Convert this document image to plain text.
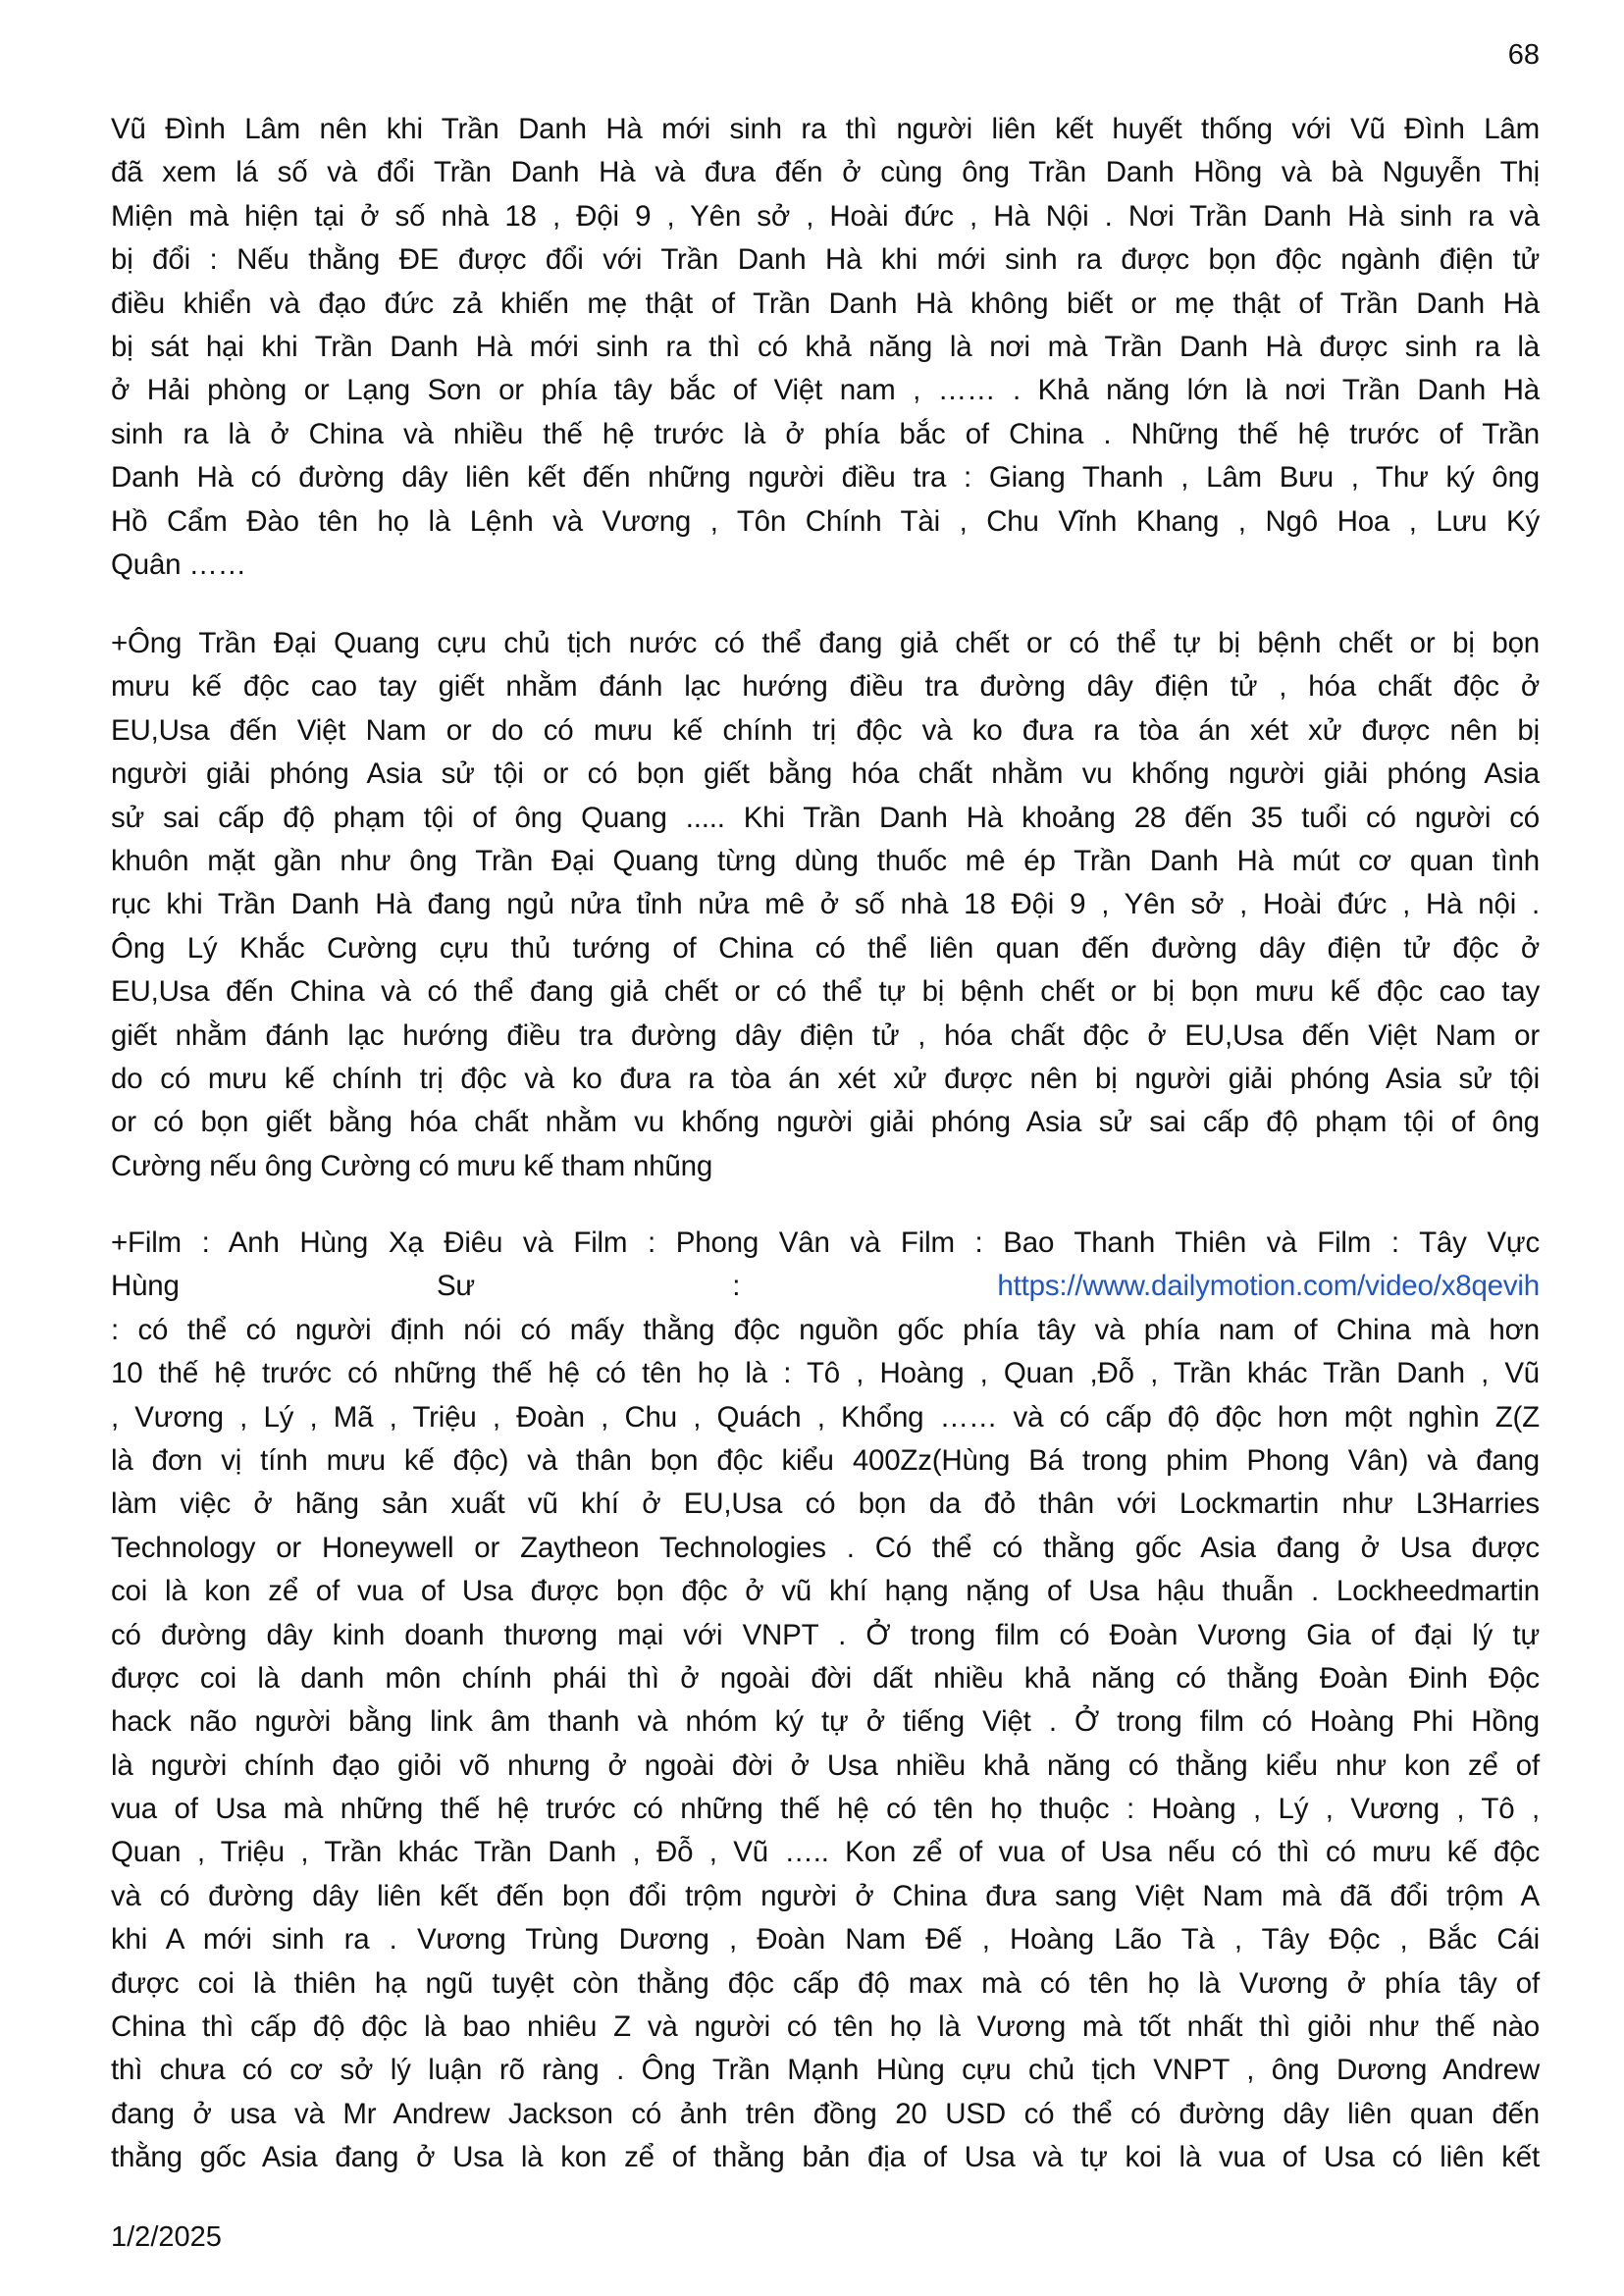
68
Vũ Đình Lâm nên khi Trần Danh Hà mới sinh ra thì người liên kết huyết thống với Vũ Đình Lâm
đã xem lá số và đổi Trần Danh Hà và đưa đến ở cùng ông Trần Danh Hồng và bà Nguyễn Thị
Miện mà hiện tại ở số nhà 18 , Đội 9 , Yên sở , Hoài đức , Hà Nội . Nơi Trần Danh Hà sinh ra và
bị đổi : Nếu thằng ĐE được đổi với Trần Danh Hà khi mới sinh ra được bọn độc ngành điện tử
điều khiển và đạo đức zả khiến mẹ thật of Trần Danh Hà không biết or mẹ thật of Trần Danh Hà
bị sát hại khi Trần Danh Hà mới sinh ra thì có khả năng là nơi mà Trần Danh Hà được sinh ra là
ở Hải phòng or Lạng Sơn or phía tây bắc of Việt nam , …… . Khả năng lớn là nơi Trần Danh Hà
sinh ra là ở China và nhiều thế hệ trước là ở phía bắc of China . Những thế hệ trước of Trần
Danh Hà có đường dây liên kết đến những người điều tra : Giang Thanh , Lâm Bưu , Thư ký ông
Hồ Cẩm Đào tên họ là Lệnh và Vương , Tôn Chính Tài , Chu Vĩnh Khang , Ngô Hoa , Lưu Ký
Quân ……
+Ông Trần Đại Quang cựu chủ tịch nước có thể đang giả chết or có thể tự bị bệnh chết or bị bọn
mưu kế độc cao tay giết nhằm đánh lạc hướng điều tra đường dây điện tử , hóa chất độc ở
EU,Usa đến Việt Nam or do có mưu kế chính trị độc và ko đưa ra tòa án xét xử được nên bị
người giải phóng Asia sử tội or có bọn giết bằng hóa chất nhằm vu khống người giải phóng Asia
sử sai cấp độ phạm tội of ông Quang ..... Khi Trần Danh Hà khoảng 28 đến 35 tuổi có người có
khuôn mặt gần như ông Trần Đại Quang từng dùng thuốc mê ép Trần Danh Hà mút cơ quan tình
rục khi Trần Danh Hà đang ngủ nửa tỉnh nửa mê ở số nhà 18 Đội 9 , Yên sở , Hoài đức , Hà nội .
Ông Lý Khắc Cường cựu thủ tướng of China có thể liên quan đến đường dây điện tử độc ở
EU,Usa đến China và có thể đang giả chết or có thể tự bị bệnh chết or bị bọn mưu kế độc cao tay
giết nhằm đánh lạc hướng điều tra đường dây điện tử , hóa chất độc ở EU,Usa đến Việt Nam or
do có mưu kế chính trị độc và ko đưa ra tòa án xét xử được nên bị người giải phóng Asia sử tội
or có bọn giết bằng hóa chất nhằm vu khống người giải phóng Asia sử sai cấp độ phạm tội of ông
Cường nếu ông Cường có mưu kế tham nhũng
+Film : Anh Hùng Xạ Điêu và Film : Phong Vân và Film : Bao Thanh Thiên và Film : Tây Vực
Hùng	Sư	:	https://www.dailymotion.com/video/x8qevih
: có thể có người định nói có mấy thằng độc nguồn gốc phía tây và phía nam of China mà hơn
10 thế hệ trước có những thế hệ có tên họ là : Tô , Hoàng , Quan ,Đỗ , Trần khác Trần Danh , Vũ
, Vương , Lý , Mã , Triệu , Đoàn , Chu , Quách , Khổng …… và có cấp độ độc hơn một nghìn Z(Z
là đơn vị tính mưu kế độc) và thân bọn độc kiểu 400Zz(Hùng Bá trong phim Phong Vân) và đang
làm việc ở hãng sản xuất vũ khí ở EU,Usa có bọn da đỏ thân với Lockmartin như L3Harries
Technology or Honeywell or Zaytheon Technologies . Có thể có thằng gốc Asia đang ở Usa được
coi là kon zể of vua of Usa được bọn độc ở vũ khí hạng nặng of Usa hậu thuẫn . Lockheedmartin
có đường dây kinh doanh thương mại với VNPT . Ở trong film có Đoàn Vương Gia of đại lý tự
được coi là danh môn chính phái thì ở ngoài đời dất nhiều khả năng có thằng Đoàn Đinh Độc
hack não người bằng link âm thanh và nhóm ký tự ở tiếng Việt . Ở trong film có Hoàng Phi Hồng
là người chính đạo giỏi võ nhưng ở ngoài đời ở Usa nhiều khả năng có thằng kiểu như kon zể of
vua of Usa mà những thế hệ trước có những thế hệ có tên họ thuộc : Hoàng , Lý , Vương , Tô ,
Quan , Triệu , Trần khác Trần Danh , Đỗ , Vũ ….. Kon zể of vua of Usa nếu có thì có mưu kế độc
và có đường dây liên kết đến bọn đổi trộm người ở China đưa sang Việt Nam mà đã đổi trộm A
khi A mới sinh ra . Vương Trùng Dương , Đoàn Nam Đế , Hoàng Lão Tà , Tây Độc , Bắc Cái
được coi là thiên hạ ngũ tuyệt còn thằng độc cấp độ max mà có tên họ là Vương ở phía tây of
China thì cấp độ độc là bao nhiêu Z và người có tên họ là Vương mà tốt nhất thì giỏi như thế nào
thì chưa có cơ sở lý luận rõ ràng . Ông Trần Mạnh Hùng cựu chủ tịch VNPT , ông Dương Andrew
đang ở usa và Mr Andrew Jackson có ảnh trên đồng 20 USD có thể có đường dây liên quan đến
thằng gốc Asia đang ở Usa là kon zể of thằng bản địa of Usa và tự koi là vua of Usa có liên kết
1/2/2025
